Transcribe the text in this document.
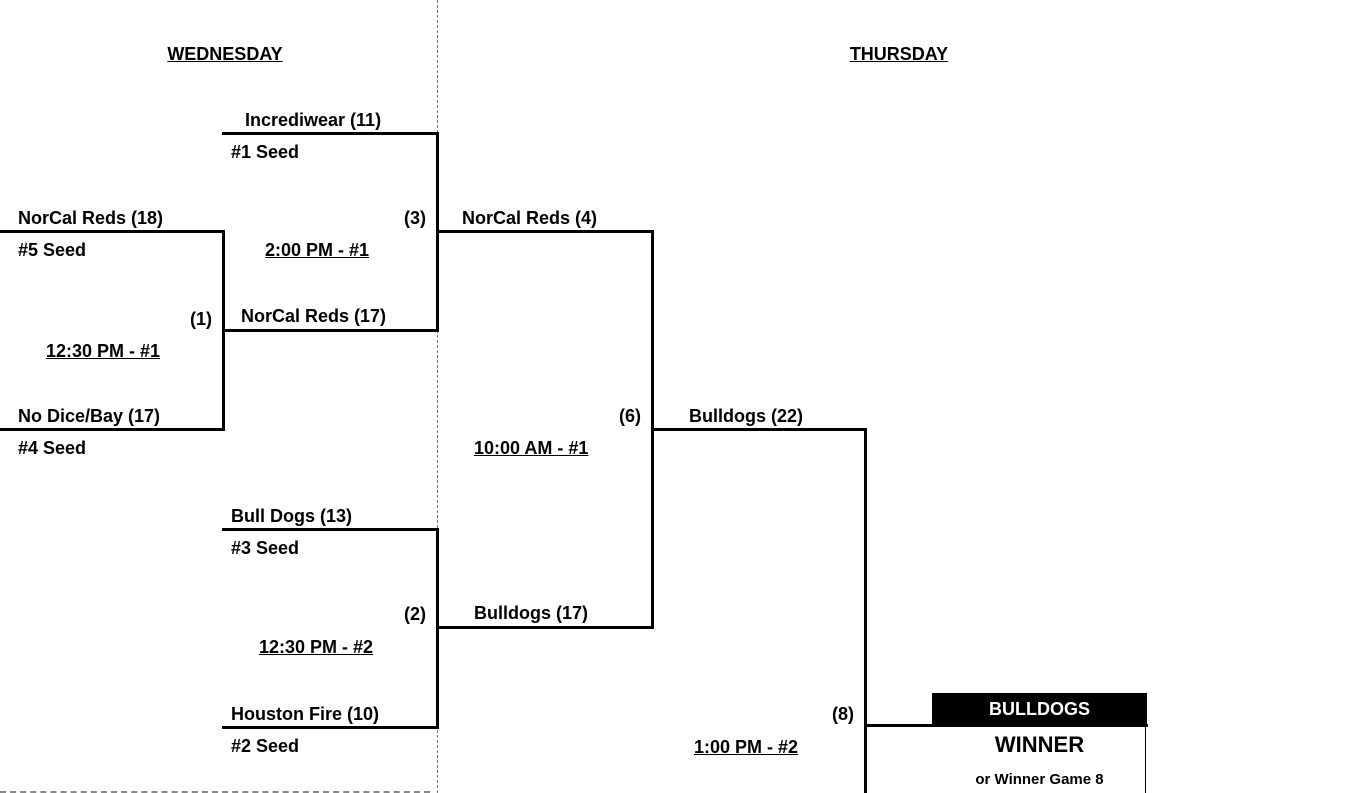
WEDNESDAY	THURSDAY
NorCal Reds (18)
#5 Seed
No Dice/Bay (17)
#4 Seed
(1)
12:30 PM - #1
Incrediwear (11)
#1 Seed
NorCal Reds (17)
(3)
2:00 PM - #1
Bull Dogs (13)
#3 Seed
Houston Fire (10)
#2 Seed
(2)
12:30 PM - #2
NorCal Reds (4)
Bulldogs (17)
(6)
10:00 AM - #1
Bulldogs (22)
(8)
1:00 PM - #2
BULLDOGS
WINNER
or Winner Game 8
